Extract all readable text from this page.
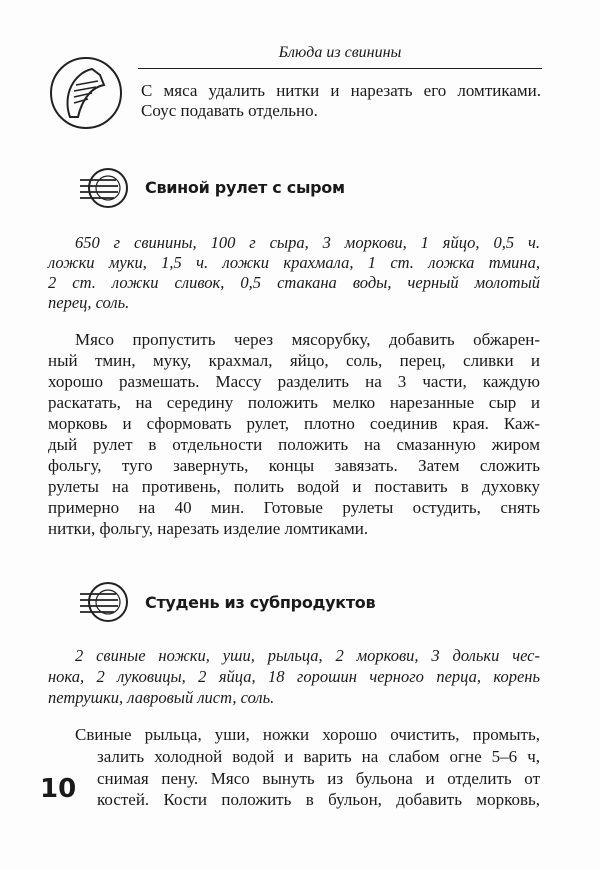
Блюда из свинины
С мяса удалить нитки и нарезать его ломтиками.
Соус подавать отдельно.
Свиной рулет с сыром
650 г свинины, 100 г сыра, 3 моркови, 1 яйцо, 0,5 ч.
ложки муки, 1,5 ч. ложки крахмала, 1 ст. ложка тмина,
2 ст. ложки сливок, 0,5 стакана воды, черный молотый
перец, соль.
Мясо пропустить через мясорубку, добавить обжарен-
ный тмин, муку, крахмал, яйцо, соль, перец, сливки и
хорошо размешать. Массу разделить на 3 части, каждую
раскатать, на середину положить мелко нарезанные сыр и
морковь и сформовать рулет, плотно соединив края. Каж-
дый рулет в отдельности положить на смазанную жиром
фольгу, туго завернуть, концы завязать. Затем сложить
рулеты на противень, полить водой и поставить в духовку
примерно на 40 мин. Готовые рулеты остудить, снять
нитки, фольгу, нарезать изделие ломтиками.
Студень из субпродуктов
2 свиные ножки, уши, рыльца, 2 моркови, 3 дольки чес-
нока, 2 луковицы, 2 яйца, 18 горошин черного перца, корень
петрушки, лавровый лист, соль.
Свиные рыльца, уши, ножки хорошо очистить, промыть,
залить холодной водой и варить на слабом огне 5–6 ч,
снимая пену. Мясо вынуть из бульона и отделить от
костей. Кости положить в бульон, добавить морковь,
10
